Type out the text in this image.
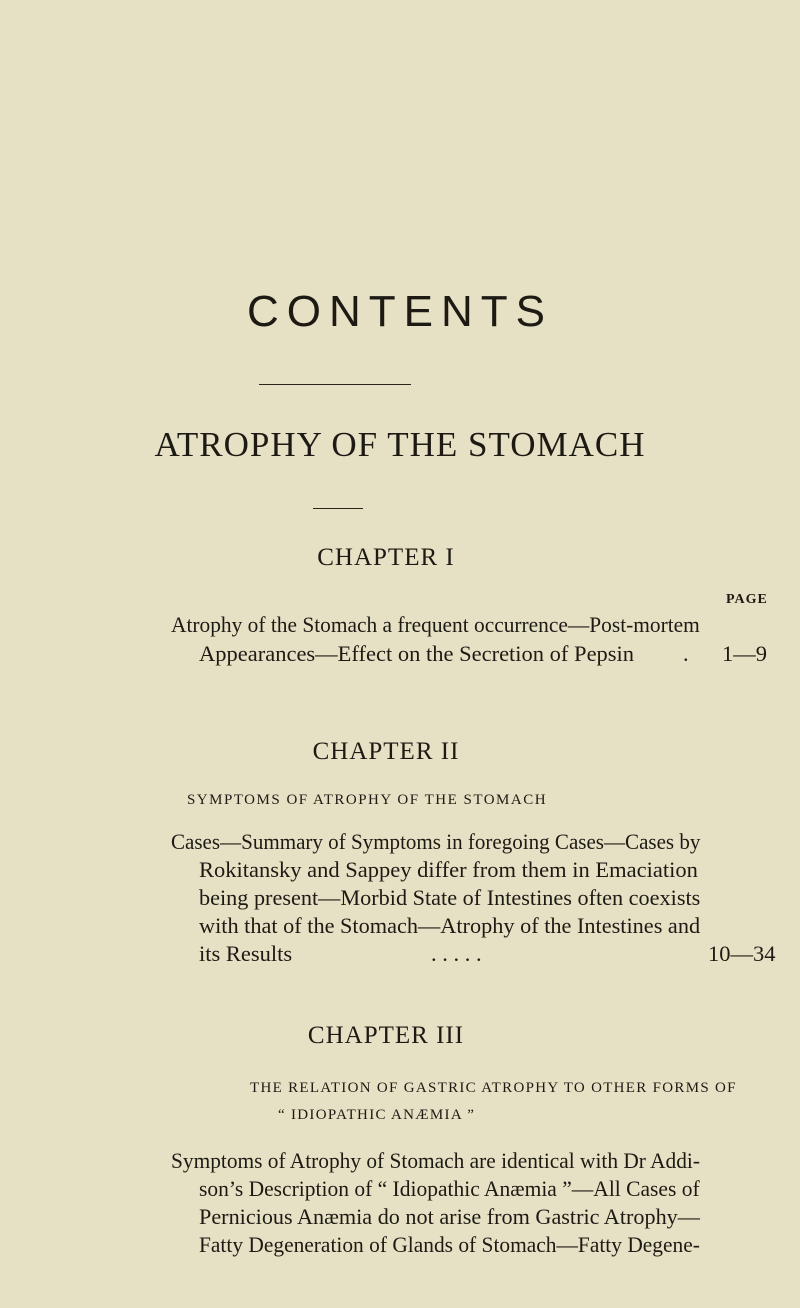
CONTENTS
ATROPHY OF THE STOMACH
CHAPTER I
PAGE
Atrophy of the Stomach a frequent occurrence—Post-mortem
Appearances—Effect on the Secretion of Pepsin . 1—9
CHAPTER II
SYMPTOMS OF ATROPHY OF THE STOMACH
Cases—Summary of Symptoms in foregoing Cases—Cases by
Rokitansky and Sappey differ from them in Emaciation
being present—Morbid State of Intestines often coexists
with that of the Stomach—Atrophy of the Intestines and
its Results	. . . . .	10—34
CHAPTER III
THE RELATION OF GASTRIC ATROPHY TO OTHER FORMS OF
“ IDIOPATHIC ANÆMIA ”
Symptoms of Atrophy of Stomach are identical with Dr Addi-
son’s Description of “ Idiopathic Anæmia ”—All Cases of
Pernicious Anæmia do not arise from Gastric Atrophy—
Fatty Degeneration of Glands of Stomach—Fatty Degene-
